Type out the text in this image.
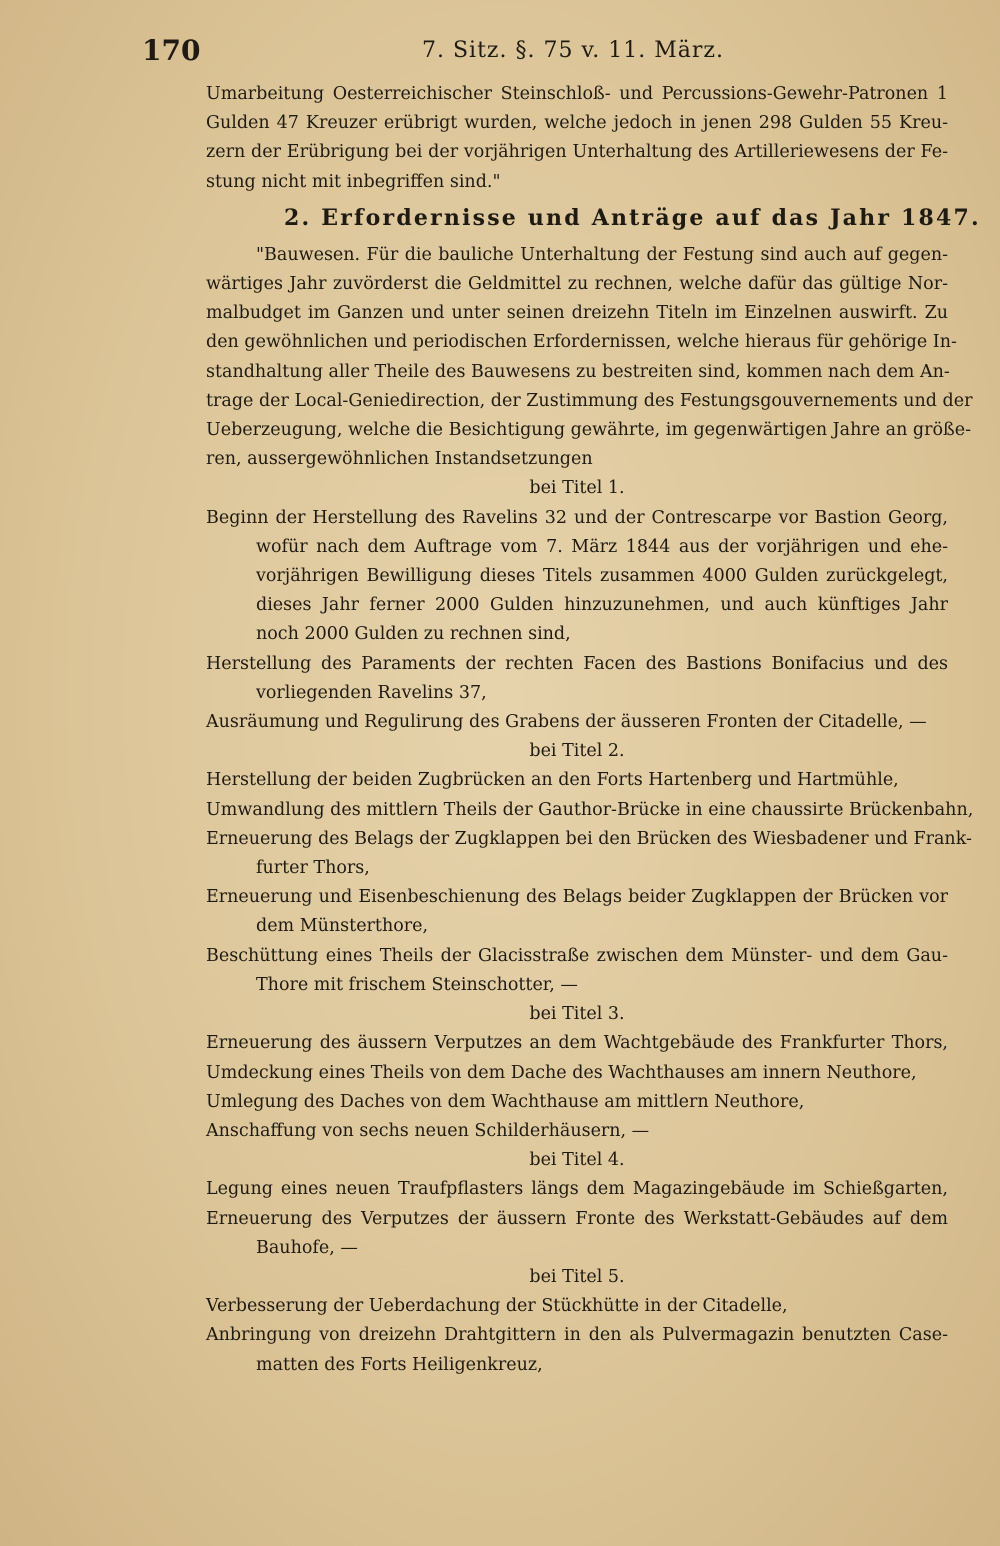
170	7. Sitz. §. 75 v. 11. März.
Umarbeitung Oesterreichischer Steinschloß- und Percussions-Gewehr-Patronen 1
Gulden 47 Kreuzer erübrigt wurden, welche jedoch in jenen 298 Gulden 55 Kreu-
zern der Erübrigung bei der vorjährigen Unterhaltung des Artilleriewesens der Fe-
stung nicht mit inbegriffen sind."
2. Erfordernisse und Anträge auf das Jahr 1847.
"Bauwesen. Für die bauliche Unterhaltung der Festung sind auch auf gegen-
wärtiges Jahr zuvörderst die Geldmittel zu rechnen, welche dafür das gültige Nor-
malbudget im Ganzen und unter seinen dreizehn Titeln im Einzelnen auswirft. Zu
den gewöhnlichen und periodischen Erfordernissen, welche hieraus für gehörige In-
standhaltung aller Theile des Bauwesens zu bestreiten sind, kommen nach dem An-
trage der Local-Geniedirection, der Zustimmung des Festungsgouvernements und der
Ueberzeugung, welche die Besichtigung gewährte, im gegenwärtigen Jahre an größe-
ren, aussergewöhnlichen Instandsetzungen
bei Titel 1.
Beginn der Herstellung des Ravelins 32 und der Contrescarpe vor Bastion Georg,
wofür nach dem Auftrage vom 7. März 1844 aus der vorjährigen und ehe-
vorjährigen Bewilligung dieses Titels zusammen 4000 Gulden zurückgelegt,
dieses Jahr ferner 2000 Gulden hinzuzunehmen, und auch künftiges Jahr
noch 2000 Gulden zu rechnen sind,
Herstellung des Paraments der rechten Facen des Bastions Bonifacius und des
vorliegenden Ravelins 37,
Ausräumung und Regulirung des Grabens der äusseren Fronten der Citadelle, —
bei Titel 2.
Herstellung der beiden Zugbrücken an den Forts Hartenberg und Hartmühle,
Umwandlung des mittlern Theils der Gauthor-Brücke in eine chaussirte Brückenbahn,
Erneuerung des Belags der Zugklappen bei den Brücken des Wiesbadener und Frank-
furter Thors,
Erneuerung und Eisenbeschienung des Belags beider Zugklappen der Brücken vor
dem Münsterthore,
Beschüttung eines Theils der Glacisstraße zwischen dem Münster- und dem Gau-
Thore mit frischem Steinschotter, —
bei Titel 3.
Erneuerung des äussern Verputzes an dem Wachtgebäude des Frankfurter Thors,
Umdeckung eines Theils von dem Dache des Wachthauses am innern Neuthore,
Umlegung des Daches von dem Wachthause am mittlern Neuthore,
Anschaffung von sechs neuen Schilderhäusern, —
bei Titel 4.
Legung eines neuen Traufpflasters längs dem Magazingebäude im Schießgarten,
Erneuerung des Verputzes der äussern Fronte des Werkstatt-Gebäudes auf dem
Bauhofe, —
bei Titel 5.
Verbesserung der Ueberdachung der Stückhütte in der Citadelle,
Anbringung von dreizehn Drahtgittern in den als Pulvermagazin benutzten Case-
matten des Forts Heiligenkreuz,
